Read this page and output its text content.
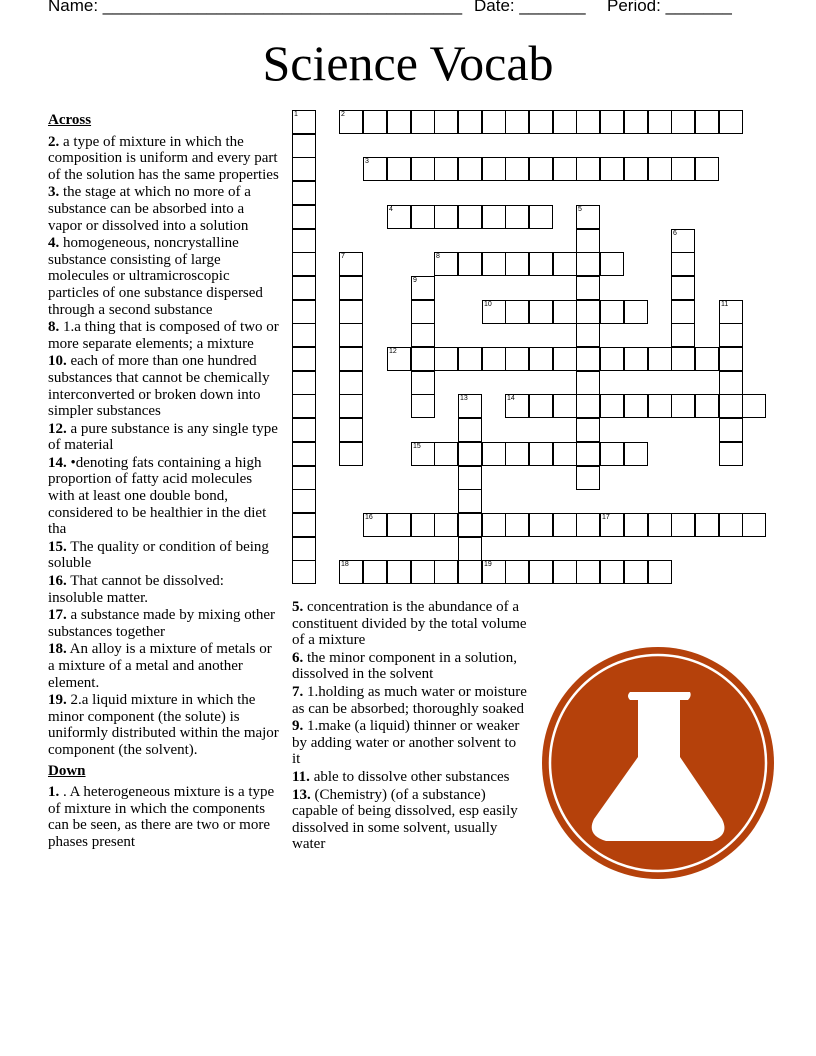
Name: ______________________________________ Date: _______ Period: _______
Science Vocab
2
3
4
8
10
12
14
15
16	17
18	19
1
5
6
7
9
11
13
Across
2. a type of mixture in which the composition is uniform and every part of the solution has the same properties
3. the stage at which no more of a substance can be absorbed into a vapor or dissolved into a solution
4. homogeneous, noncrystalline substance consisting of large molecules or ultramicroscopic particles of one substance dispersed through a second substance
8. 1.a thing that is composed of two or more separate elements; a mixture
10. each of more than one hundred substances that cannot be chemically interconverted or broken down into simpler substances
12. a pure substance is any single type of material
14. •denoting fats containing a high proportion of fatty acid molecules with at least one double bond, considered to be healthier in the diet tha
15. The quality or condition of being soluble
16. That cannot be dissolved: insoluble matter.
17. a substance made by mixing other substances together
18. An alloy is a mixture of metals or a mixture of a metal and another element.
19. 2.a liquid mixture in which the minor component (the solute) is uniformly distributed within the major component (the solvent).
Down
1. . A heterogeneous mixture is a type of mixture in which the components can be seen, as there are two or more phases present
5. concentration is the abundance of a constituent divided by the total volume of a mixture
6. the minor component in a solution, dissolved in the solvent
7. 1.holding as much water or moisture as can be absorbed; thoroughly soaked
9. 1.make (a liquid) thinner or weaker by adding water or another solvent to it
11. able to dissolve other substances
13. (Chemistry) (of a substance) capable of being dissolved, esp easily dissolved in some solvent, usually water
